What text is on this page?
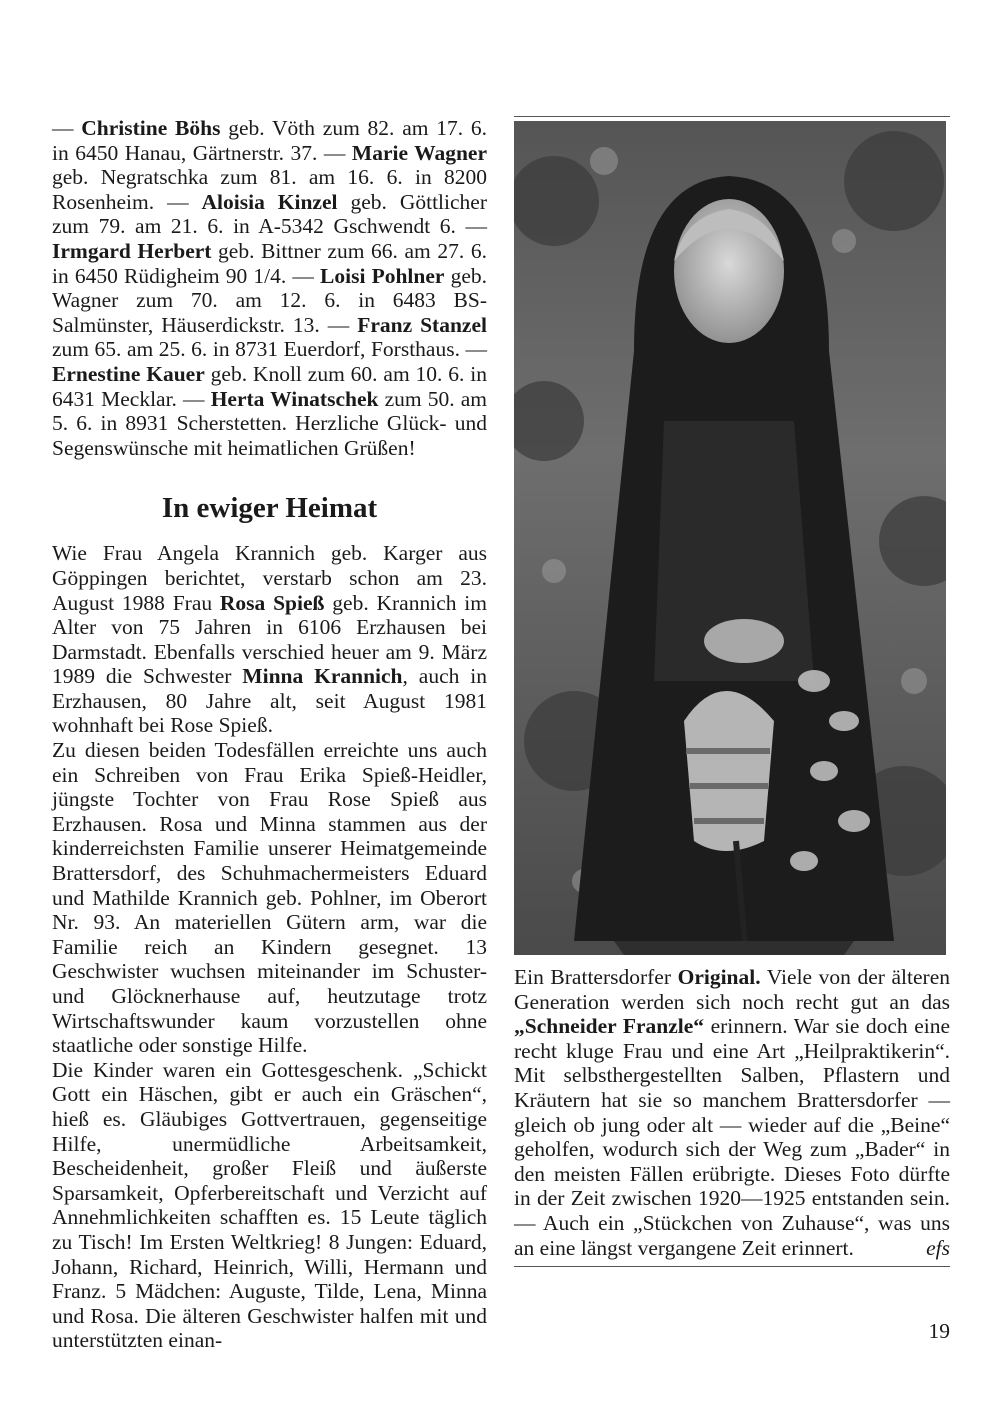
— Christine Böhs geb. Vöth zum 82. am 17. 6. in 6450 Hanau, Gärtnerstr. 37. — Marie Wagner geb. Negratschka zum 81. am 16. 6. in 8200 Rosenheim. — Aloisia Kinzel geb. Göttlicher zum 79. am 21. 6. in A-5342 Gschwendt 6. — Irmgard Herbert geb. Bittner zum 66. am 27. 6. in 6450 Rüdigheim 90 1/4. — Loisi Pohlner geb. Wagner zum 70. am 12. 6. in 6483 BS-Salmünster, Häuserdickstr. 13. — Franz Stanzel zum 65. am 25. 6. in 8731 Euerdorf, Forsthaus. — Ernestine Kauer geb. Knoll zum 60. am 10. 6. in 6431 Mecklar. — Herta Winatschek zum 50. am 5. 6. in 8931 Scherstetten. Herzliche Glück- und Segenswünsche mit heimatlichen Grüßen!

In ewiger Heimat

Wie Frau Angela Krannich geb. Karger aus Göppingen berichtet, verstarb schon am 23. August 1988 Frau Rosa Spieß geb. Krannich im Alter von 75 Jahren in 6106 Erzhausen bei Darmstadt. Ebenfalls verschied heuer am 9. März 1989 die Schwester Minna Krannich, auch in Erzhausen, 80 Jahre alt, seit August 1981 wohnhaft bei Rose Spieß.

Zu diesen beiden Todesfällen erreichte uns auch ein Schreiben von Frau Erika Spieß-Heidler, jüngste Tochter von Frau Rose Spieß aus Erzhausen. Rosa und Minna stammen aus der kinderreichsten Familie unserer Heimatgemeinde Brattersdorf, des Schuhmachermeisters Eduard und Mathilde Krannich geb. Pohlner, im Oberort Nr. 93. An materiellen Gütern arm, war die Familie reich an Kindern gesegnet. 13 Geschwister wuchsen miteinander im Schuster- und Glöcknerhause auf, heutzutage trotz Wirtschaftswunder kaum vorzustellen ohne staatliche oder sonstige Hilfe.

Die Kinder waren ein Gottesgeschenk. „Schickt Gott ein Häschen, gibt er auch ein Gräschen“, hieß es. Gläubiges Gottvertrauen, gegenseitige Hilfe, unermüdliche Arbeitsamkeit, Bescheidenheit, großer Fleiß und äußerste Sparsamkeit, Opferbereitschaft und Verzicht auf Annehmlichkeiten schafften es. 15 Leute täglich zu Tisch! Im Ersten Weltkrieg! 8 Jungen: Eduard, Johann, Richard, Heinrich, Willi, Hermann und Franz. 5 Mädchen: Auguste, Tilde, Lena, Minna und Rosa. Die älteren Geschwister halfen mit und unterstützten einan-

Ein Brattersdorfer Original. Viele von der älteren Generation werden sich noch recht gut an das „Schneider Franzle“ erinnern. War sie doch eine recht kluge Frau und eine Art „Heilpraktikerin“. Mit selbsthergestellten Salben, Pflastern und Kräutern hat sie so manchem Brattersdorfer — gleich ob jung oder alt — wieder auf die „Beine“ geholfen, wodurch sich der Weg zum „Bader“ in den meisten Fällen erübrigte. Dieses Foto dürfte in der Zeit zwischen 1920—1925 entstanden sein. — Auch ein „Stückchen von Zuhause“, was uns an eine längst vergangene Zeit erinnert.	efs
19
